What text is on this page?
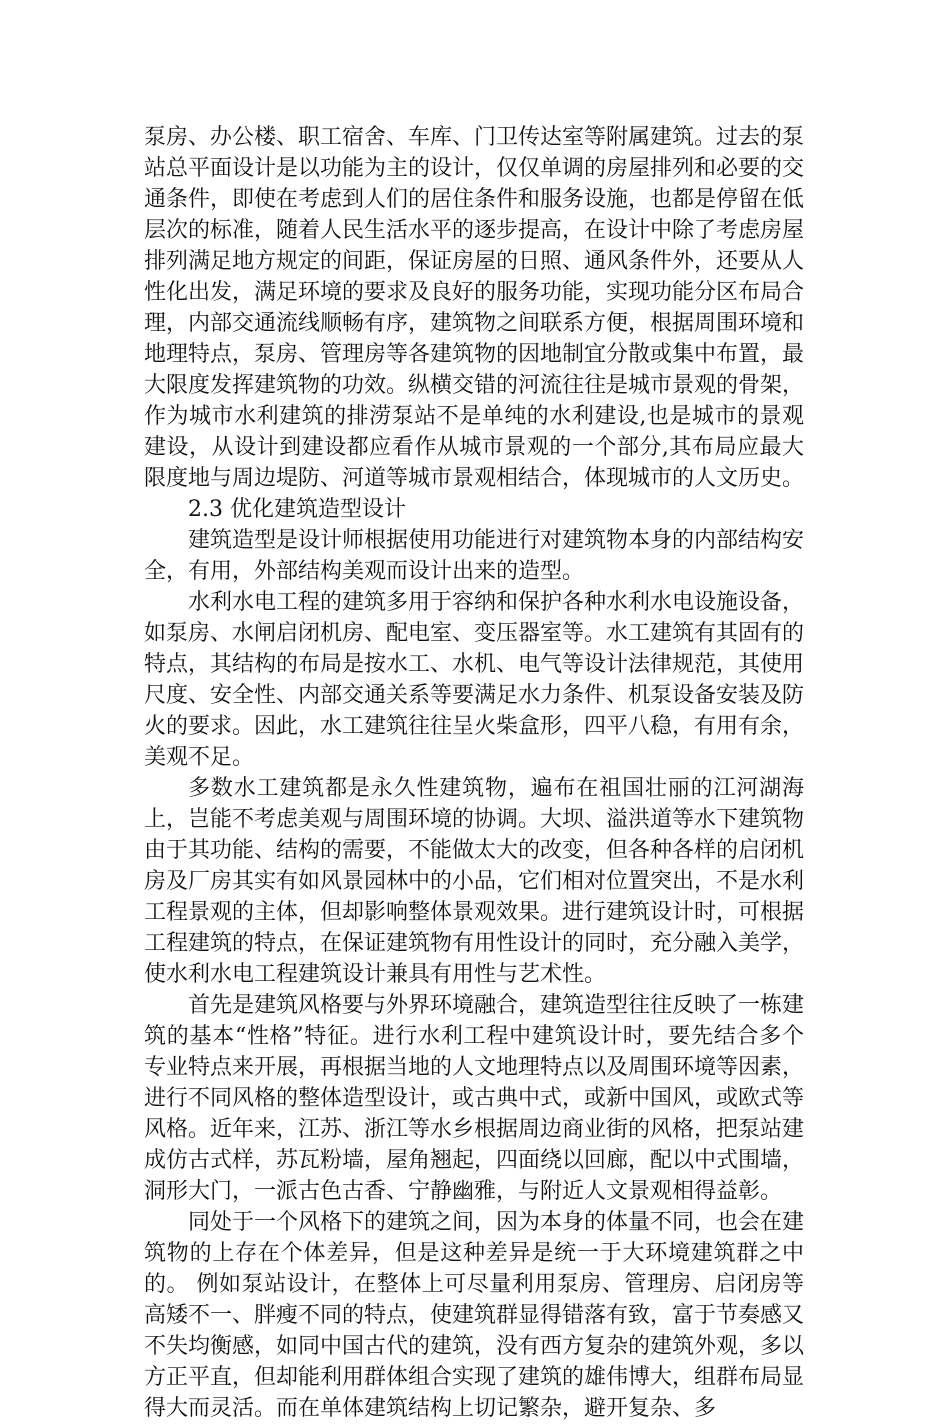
泵房、办公楼、职工宿舍、车库、门卫传达室等附属建筑。过去的泵站总平面设计是以功能为主的设计，仅仅单调的房屋排列和必要的交通条件，即使在考虑到人们的居住条件和服务设施，也都是停留在低层次的标准，随着人民生活水平的逐步提高，在设计中除了考虑房屋排列满足地方规定的间距，保证房屋的日照、通风条件外，还要从人性化出发，满足环境的要求及良好的服务功能，实现功能分区布局合理，内部交通流线顺畅有序，建筑物之间联系方便，根据周围环境和地理特点，泵房、管理房等各建筑物的因地制宜分散或集中布置，最大限度发挥建筑物的功效。纵横交错的河流往往是城市景观的骨架，作为城市水利建筑的排涝泵站不是单纯的水利建设,也是城市的景观建设，从设计到建设都应看作从城市景观的一个部分,其布局应最大限度地与周边堤防、河道等城市景观相结合，体现城市的人文历史。

2.3 优化建筑造型设计

建筑造型是设计师根据使用功能进行对建筑物本身的内部结构安全，有用，外部结构美观而设计出来的造型。

水利水电工程的建筑多用于容纳和保护各种水利水电设施设备，如泵房、水闸启闭机房、配电室、变压器室等。水工建筑有其固有的特点，其结构的布局是按水工、水机、电气等设计法律规范，其使用尺度、安全性、内部交通关系等要满足水力条件、机泵设备安装及防火的要求。因此，水工建筑往往呈火柴盒形，四平八稳，有用有余，美观不足。

多数水工建筑都是永久性建筑物，遍布在祖国壮丽的江河湖海上，岂能不考虑美观与周围环境的协调。大坝、溢洪道等水下建筑物由于其功能、结构的需要，不能做太大的改变，但各种各样的启闭机房及厂房其实有如风景园林中的小品，它们相对位置突出，不是水利工程景观的主体，但却影响整体景观效果。进行建筑设计时，可根据工程建筑的特点，在保证建筑物有用性设计的同时，充分融入美学，使水利水电工程建筑设计兼具有用性与艺术性。

首先是建筑风格要与外界环境融合，建筑造型往往反映了一栋建筑的基本“性格”特征。进行水利工程中建筑设计时，要先结合多个专业特点来开展，再根据当地的人文地理特点以及周围环境等因素，进行不同风格的整体造型设计，或古典中式，或新中国风，或欧式等风格。近年来，江苏、浙江等水乡根据周边商业街的风格，把泵站建成仿古式样，苏瓦粉墙，屋角翘起，四面绕以回廊，配以中式围墙，洞形大门，一派古色古香、宁静幽雅，与附近人文景观相得益彰。

同处于一个风格下的建筑之间，因为本身的体量不同，也会在建筑物的上存在个体差异，但是这种差异是统一于大环境建筑群之中的。 例如泵站设计，在整体上可尽量利用泵房、管理房、启闭房等高矮不一、胖瘦不同的特点，使建筑群显得错落有致，富于节奏感又不失均衡感，如同中国古代的建筑，没有西方复杂的建筑外观，多以方正平直，但却能利用群体组合实现了建筑的雄伟博大，组群布局显得大而灵活。而在单体建筑结构上切记繁杂，避开复杂、多
